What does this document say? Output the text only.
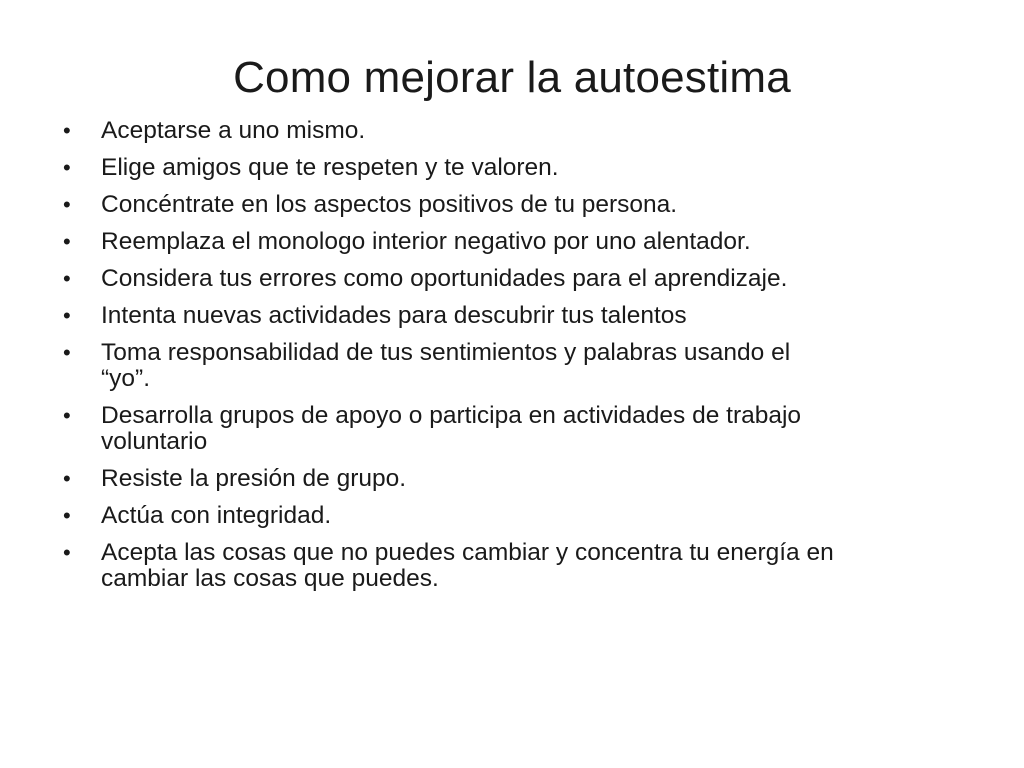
Como mejorar la autoestima
•	Aceptarse a uno mismo.
•	Elige amigos que te respeten y te valoren.
•	Concéntrate en los aspectos positivos de tu persona.
•	Reemplaza el monologo interior negativo por uno alentador.
•	Considera tus errores como oportunidades para el aprendizaje.
•	Intenta nuevas actividades para descubrir tus talentos
•	Toma responsabilidad de tus sentimientos y palabras usando el
“yo”.
•	Desarrolla grupos de apoyo o participa en actividades de trabajo
voluntario
•	Resiste la presión de grupo.
•	Actúa con integridad.
•	Acepta las cosas que no puedes cambiar y concentra tu energía en
cambiar las cosas que puedes.
